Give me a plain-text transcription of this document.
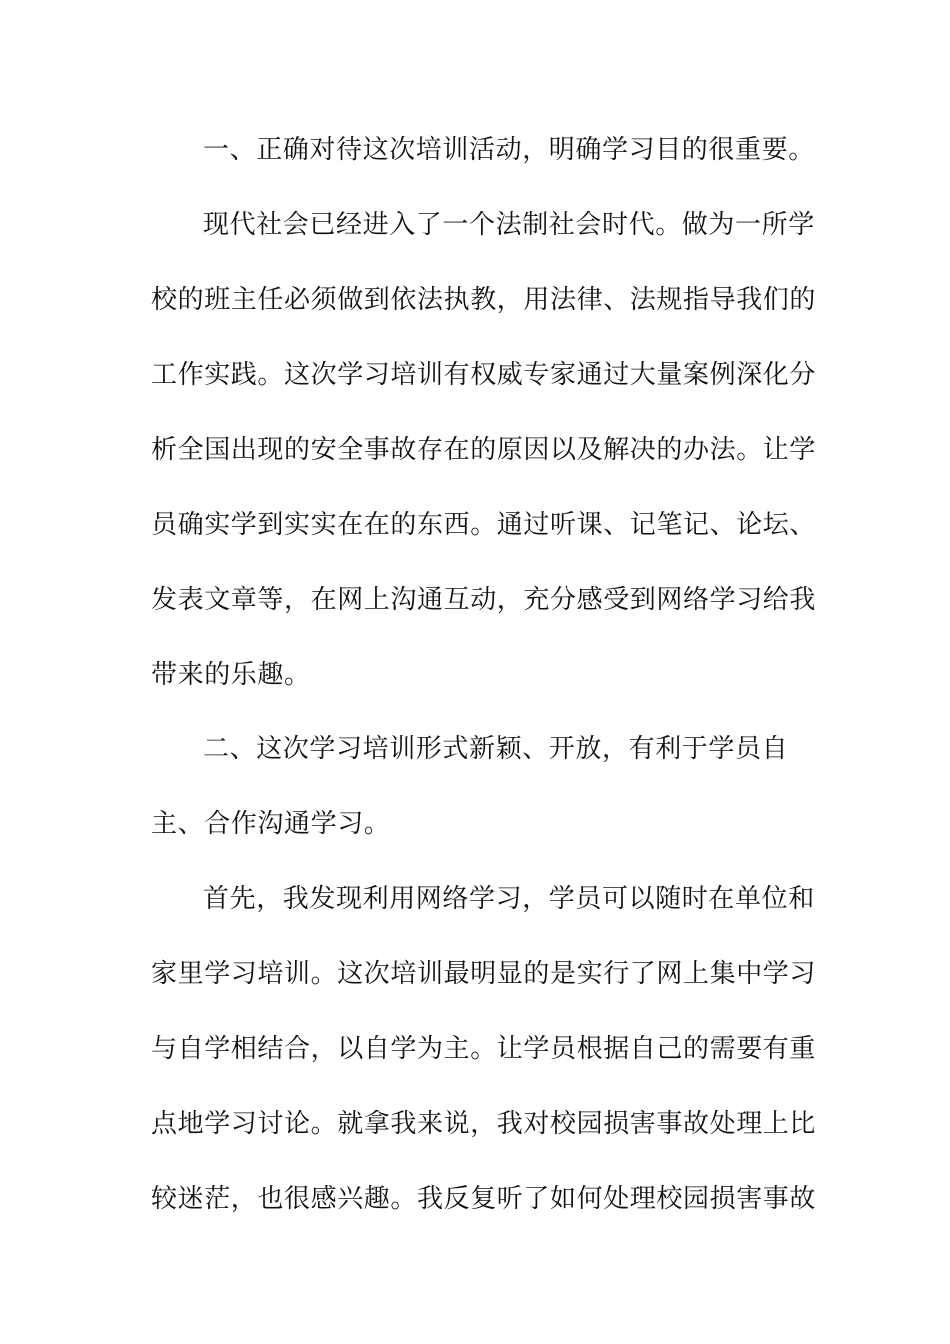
一、正确对待这次培训活动，明确学习目的很重要。
现代社会已经进入了一个法制社会时代。做为一所学
校的班主任必须做到依法执教，用法律、法规指导我们的
工作实践。这次学习培训有权威专家通过大量案例深化分
析全国出现的安全事故存在的原因以及解决的办法。让学
员确实学到实实在在的东西。通过听课、记笔记、论坛、
发表文章等，在网上沟通互动，充分感受到网络学习给我
带来的乐趣。
二、这次学习培训形式新颖、开放，有利于学员自
主、合作沟通学习。
首先，我发现利用网络学习，学员可以随时在单位和
家里学习培训。这次培训最明显的是实行了网上集中学习
与自学相结合，以自学为主。让学员根据自己的需要有重
点地学习讨论。就拿我来说，我对校园损害事故处理上比
较迷茫，也很感兴趣。我反复听了如何处理校园损害事故
